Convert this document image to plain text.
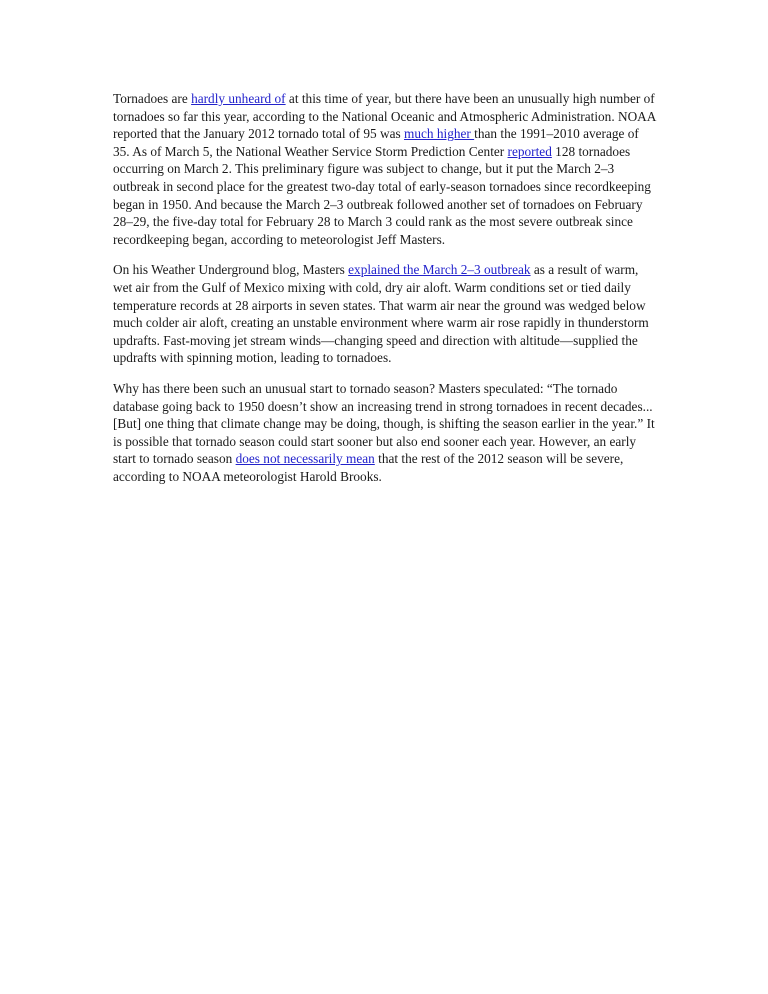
Tornadoes are hardly unheard of at this time of year, but there have been an unusually high number of tornadoes so far this year, according to the National Oceanic and Atmospheric Administration. NOAA reported that the January 2012 tornado total of 95 was much higher than the 1991–2010 average of 35. As of March 5, the National Weather Service Storm Prediction Center reported 128 tornadoes occurring on March 2. This preliminary figure was subject to change, but it put the March 2–3 outbreak in second place for the greatest two-day total of early-season tornadoes since recordkeeping began in 1950. And because the March 2–3 outbreak followed another set of tornadoes on February 28–29, the five-day total for February 28 to March 3 could rank as the most severe outbreak since recordkeeping began, according to meteorologist Jeff Masters.

On his Weather Underground blog, Masters explained the March 2–3 outbreak as a result of warm, wet air from the Gulf of Mexico mixing with cold, dry air aloft. Warm conditions set or tied daily temperature records at 28 airports in seven states. That warm air near the ground was wedged below much colder air aloft, creating an unstable environment where warm air rose rapidly in thunderstorm updrafts. Fast-moving jet stream winds—changing speed and direction with altitude—supplied the updrafts with spinning motion, leading to tornadoes.

Why has there been such an unusual start to tornado season? Masters speculated: “The tornado database going back to 1950 doesn’t show an increasing trend in strong tornadoes in recent decades...[But] one thing that climate change may be doing, though, is shifting the season earlier in the year.” It is possible that tornado season could start sooner but also end sooner each year. However, an early start to tornado season does not necessarily mean that the rest of the 2012 season will be severe, according to NOAA meteorologist Harold Brooks.
